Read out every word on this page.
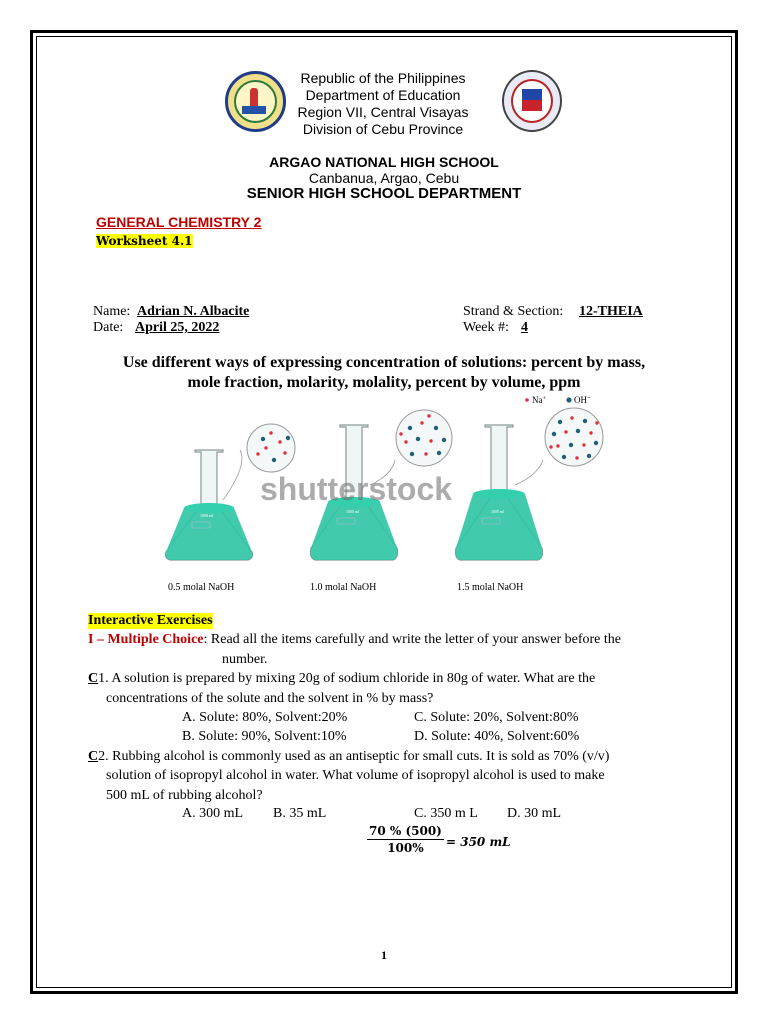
Republic of the Philippines
Department of Education
Region VII, Central Visayas
Division of Cebu Province
ARGAO NATIONAL HIGH SCHOOL
Canbanua, Argao, Cebu
SENIOR HIGH SCHOOL DEPARTMENT
GENERAL CHEMISTRY 2
Worksheet 4.1
Name: Adrian N. Albacite
Date: April 25, 2022
Strand & Section: 12-THEIA
Week #: 4
Use different ways of expressing concentration of solutions: percent by mass,
mole fraction, molarity, molality, percent by volume, ppm
Na+	OH−
1000 ml
0.5 molal NaOH
1000 ml
1.0 molal NaOH
1000 ml
1.5 molal NaOH
shutterstock
Interactive Exercises
I – Multiple Choice: Read all the items carefully and write the letter of your answer before the
number.
C1. A solution is prepared by mixing 20g of sodium chloride in 80g of water. What are the
concentrations of the solute and the solvent in % by mass?
A. Solute: 80%, Solvent:20%	C. Solute: 20%, Solvent:80%
B. Solute: 90%, Solvent:10%	D. Solute: 40%, Solvent:60%
C2. Rubbing alcohol is commonly used as an antiseptic for small cuts. It is sold as 70% (v/v)
solution of isopropyl alcohol in water. What volume of isopropyl alcohol is used to make
500 mL of rubbing alcohol?
A. 300 mL B. 35 mL	C. 350 m L D. 30 mL
$\frac{70 \% (500)}{100\%} = 350$ mL
1
